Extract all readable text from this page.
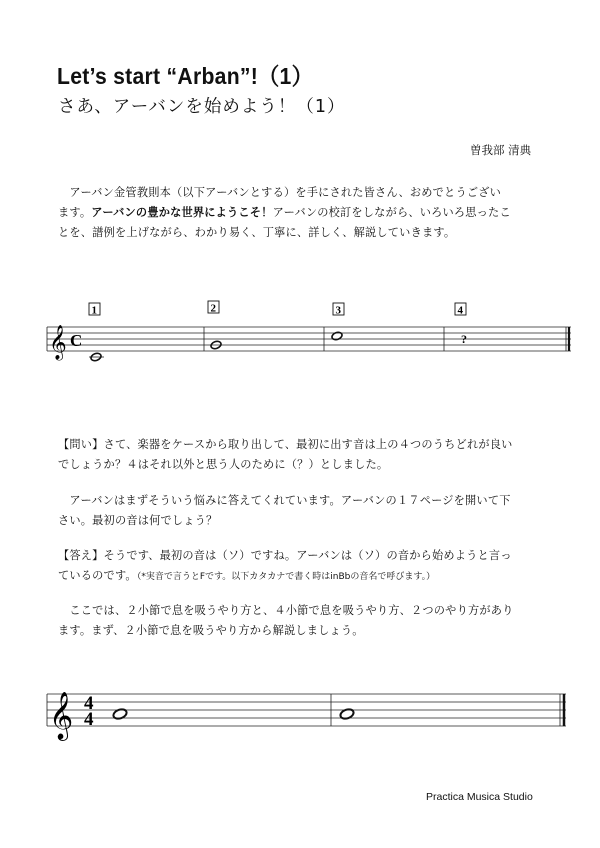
Let’s start “Arban”!（1）
さあ、アーバンを始めよう！（1）
曽我部 清典
　アーバン金管教則本（以下アーバンとする）を手にされた皆さん、おめでとうござい
ます。アーバンの豊かな世界にようこそ！アーバンの校訂をしながら、いろいろ思ったこ
とを、譜例を上げながら、わかり易く、丁寧に、詳しく、解説していきます。
𝄞 C
1	2	3	4
?
【問い】さて、楽器をケースから取り出して、最初に出す音は上の４つのうちどれが良い
でしょうか？４はそれ以外と思う人のために（？）としました。
　アーバンはまずそういう悩みに答えてくれています。アーバンの１７ページを開いて下
さい。最初の音は何でしょう？
【答え】そうです、最初の音は（ソ）ですね。アーバンは（ソ）の音から始めようと言っ
ているのです。（*実音で言うとFです。以下カタカナで書く時はinBbの音名で呼びます。）
　ここでは、２小節で息を吸うやり方と、４小節で息を吸うやり方、２つのやり方があり
ます。まず、２小節で息を吸うやり方から解説しましょう。
𝄞 4
4
Practica Musica Studio
